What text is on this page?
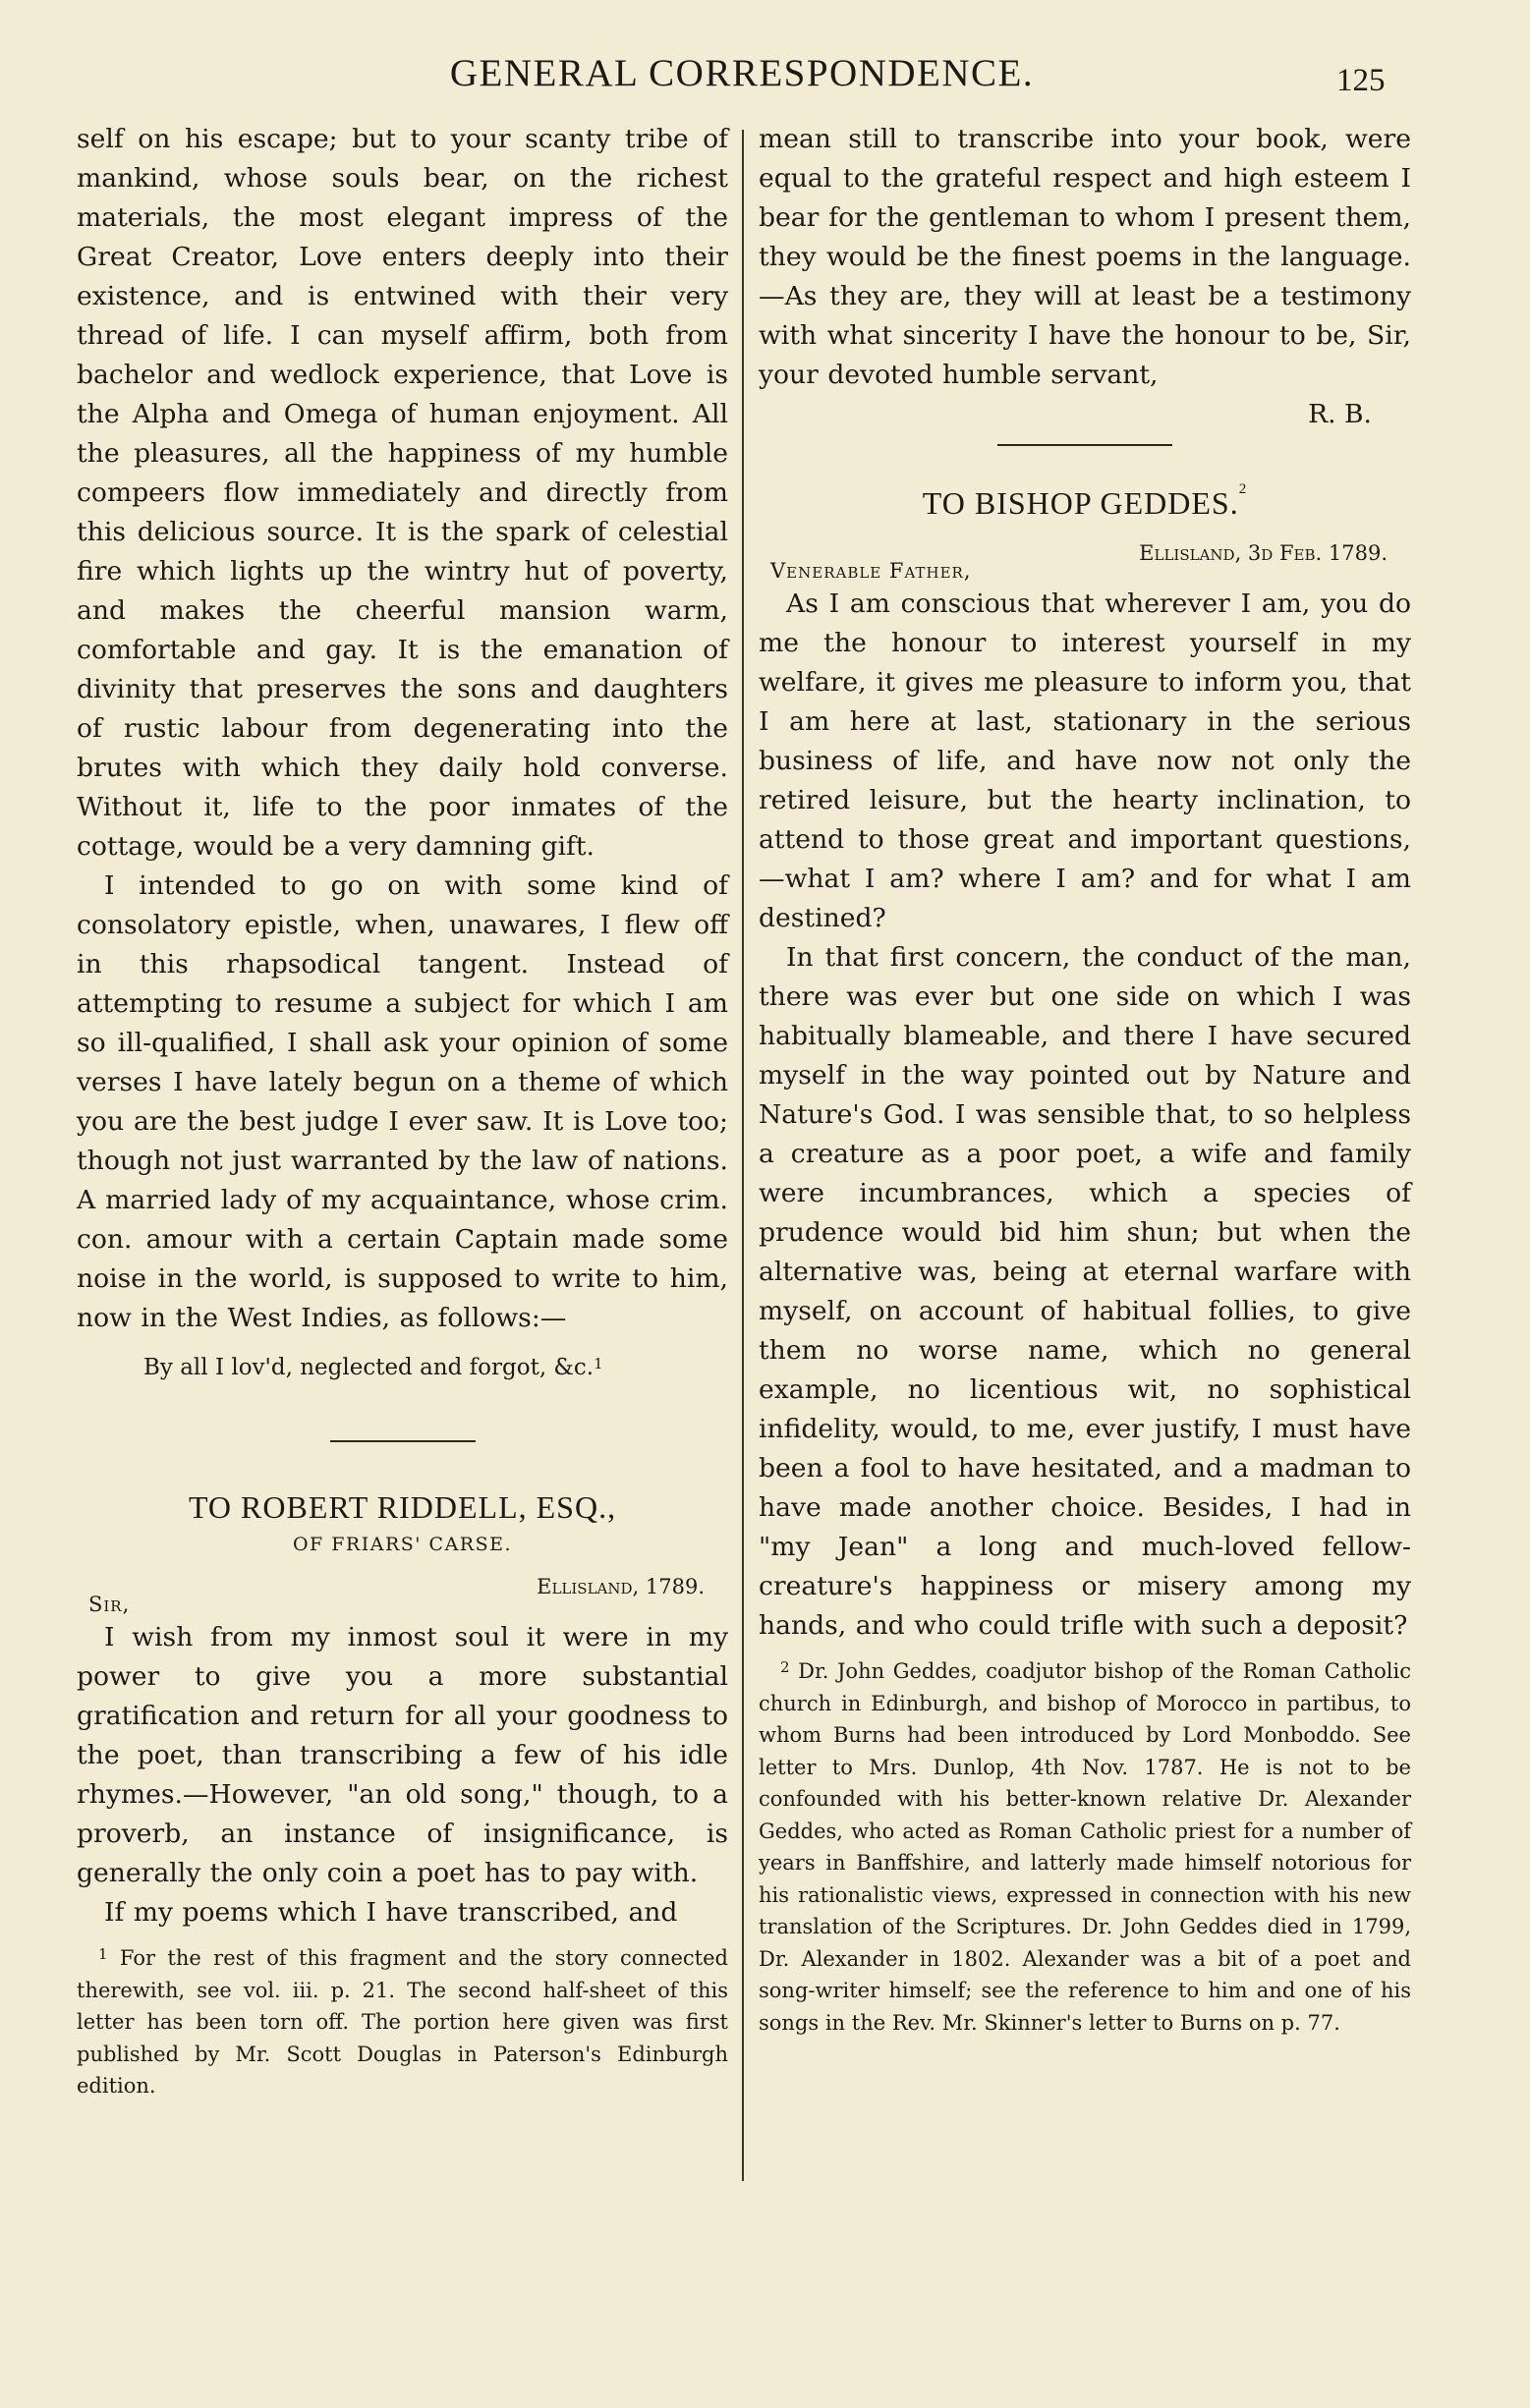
GENERAL CORRESPONDENCE.	125

self on his escape; but to your scanty tribe of mankind, whose souls bear, on the richest materials, the most elegant impress of the Great Creator, Love enters deeply into their existence, and is entwined with their very thread of life. I can myself affirm, both from bachelor and wedlock experience, that Love is the Alpha and Omega of human enjoyment. All the pleasures, all the happiness of my humble compeers flow immediately and directly from this delicious source. It is the spark of celestial fire which lights up the wintry hut of poverty, and makes the cheerful mansion warm, comfortable and gay. It is the emanation of divinity that preserves the sons and daughters of rustic labour from degenerating into the brutes with which they daily hold converse. Without it, life to the poor inmates of the cottage, would be a very damning gift.

I intended to go on with some kind of consolatory epistle, when, unawares, I flew off in this rhapsodical tangent. Instead of attempting to resume a subject for which I am so ill-qualified, I shall ask your opinion of some verses I have lately begun on a theme of which you are the best judge I ever saw. It is Love too; though not just warranted by the law of nations. A married lady of my acquaintance, whose crim. con. amour with a certain Captain made some noise in the world, is supposed to write to him, now in the West Indies, as follows:—

By all I lov'd, neglected and forgot, &c.$^1$

TO ROBERT RIDDELL, ESQ.,

OF FRIARS' CARSE.

Ellisland, 1789.

Sir,

I wish from my inmost soul it were in my power to give you a more substantial gratification and return for all your goodness to the poet, than transcribing a few of his idle rhymes.—However, "an old song," though, to a proverb, an instance of insignificance, is generally the only coin a poet has to pay with.

If my poems which I have transcribed, and

$^1$ For the rest of this fragment and the story connected therewith, see vol. iii. p. 21. The second half-sheet of this letter has been torn off. The portion here given was first published by Mr. Scott Douglas in Paterson's Edinburgh edition.

mean still to transcribe into your book, were equal to the grateful respect and high esteem I bear for the gentleman to whom I present them, they would be the finest poems in the language.—As they are, they will at least be a testimony with what sincerity I have the honour to be, Sir, your devoted humble servant,

R. B.

TO BISHOP GEDDES.$^2$

Ellisland, 3d Feb. 1789.

Venerable Father,

As I am conscious that wherever I am, you do me the honour to interest yourself in my welfare, it gives me pleasure to inform you, that I am here at last, stationary in the serious business of life, and have now not only the retired leisure, but the hearty inclination, to attend to those great and important questions,—what I am? where I am? and for what I am destined?

In that first concern, the conduct of the man, there was ever but one side on which I was habitually blameable, and there I have secured myself in the way pointed out by Nature and Nature's God. I was sensible that, to so helpless a creature as a poor poet, a wife and family were incumbrances, which a species of prudence would bid him shun; but when the alternative was, being at eternal warfare with myself, on account of habitual follies, to give them no worse name, which no general example, no licentious wit, no sophistical infidelity, would, to me, ever justify, I must have been a fool to have hesitated, and a madman to have made another choice. Besides, I had in "my Jean" a long and much-loved fellow-creature's happiness or misery among my hands, and who could trifle with such a deposit?

$^2$ Dr. John Geddes, coadjutor bishop of the Roman Catholic church in Edinburgh, and bishop of Morocco in partibus, to whom Burns had been introduced by Lord Monboddo. See letter to Mrs. Dunlop, 4th Nov. 1787. He is not to be confounded with his better-known relative Dr. Alexander Geddes, who acted as Roman Catholic priest for a number of years in Banffshire, and latterly made himself notorious for his rationalistic views, expressed in connection with his new translation of the Scriptures. Dr. John Geddes died in 1799, Dr. Alexander in 1802. Alexander was a bit of a poet and song-writer himself; see the reference to him and one of his songs in the Rev. Mr. Skinner's letter to Burns on p. 77.
